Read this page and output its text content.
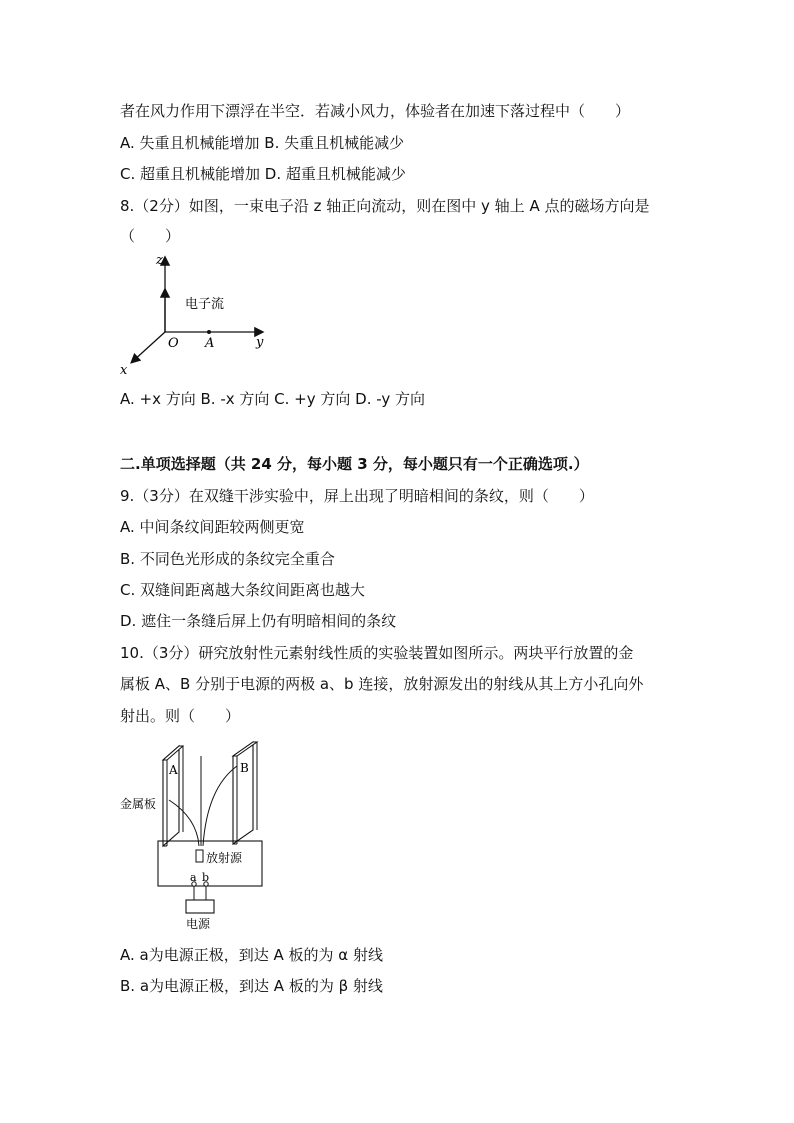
者在风力作用下漂浮在半空．若减小风力，体验者在加速下落过程中（　　）
A. 失重且机械能增加 B. 失重且机械能减少
C. 超重且机械能增加 D. 超重且机械能减少
8.（2分）如图，一束电子沿 z 轴正向流动，则在图中 y 轴上 A 点的磁场方向是
（　　）
z
y
x
O A
电子流
A. +x 方向 B. -x 方向 C. +y 方向 D. -y 方向
二.单项选择题（共 24 分，每小题 3 分，每小题只有一个正确选项.）
9.（3分）在双缝干涉实验中，屏上出现了明暗相间的条纹，则（　　）
A. 中间条纹间距较两侧更宽
B. 不同色光形成的条纹完全重合
C. 双缝间距离越大条纹间距离也越大
D. 遮住一条缝后屏上仍有明暗相间的条纹
10.（3分）研究放射性元素射线性质的实验装置如图所示。两块平行放置的金
属板 A、B 分别于电源的两极 a、b 连接，放射源发出的射线从其上方小孔向外
射出。则（　　）
A	B
金属板
放射源
a b
电源
A. a为电源正极，到达 A 板的为 α 射线
B. a为电源正极，到达 A 板的为 β 射线
